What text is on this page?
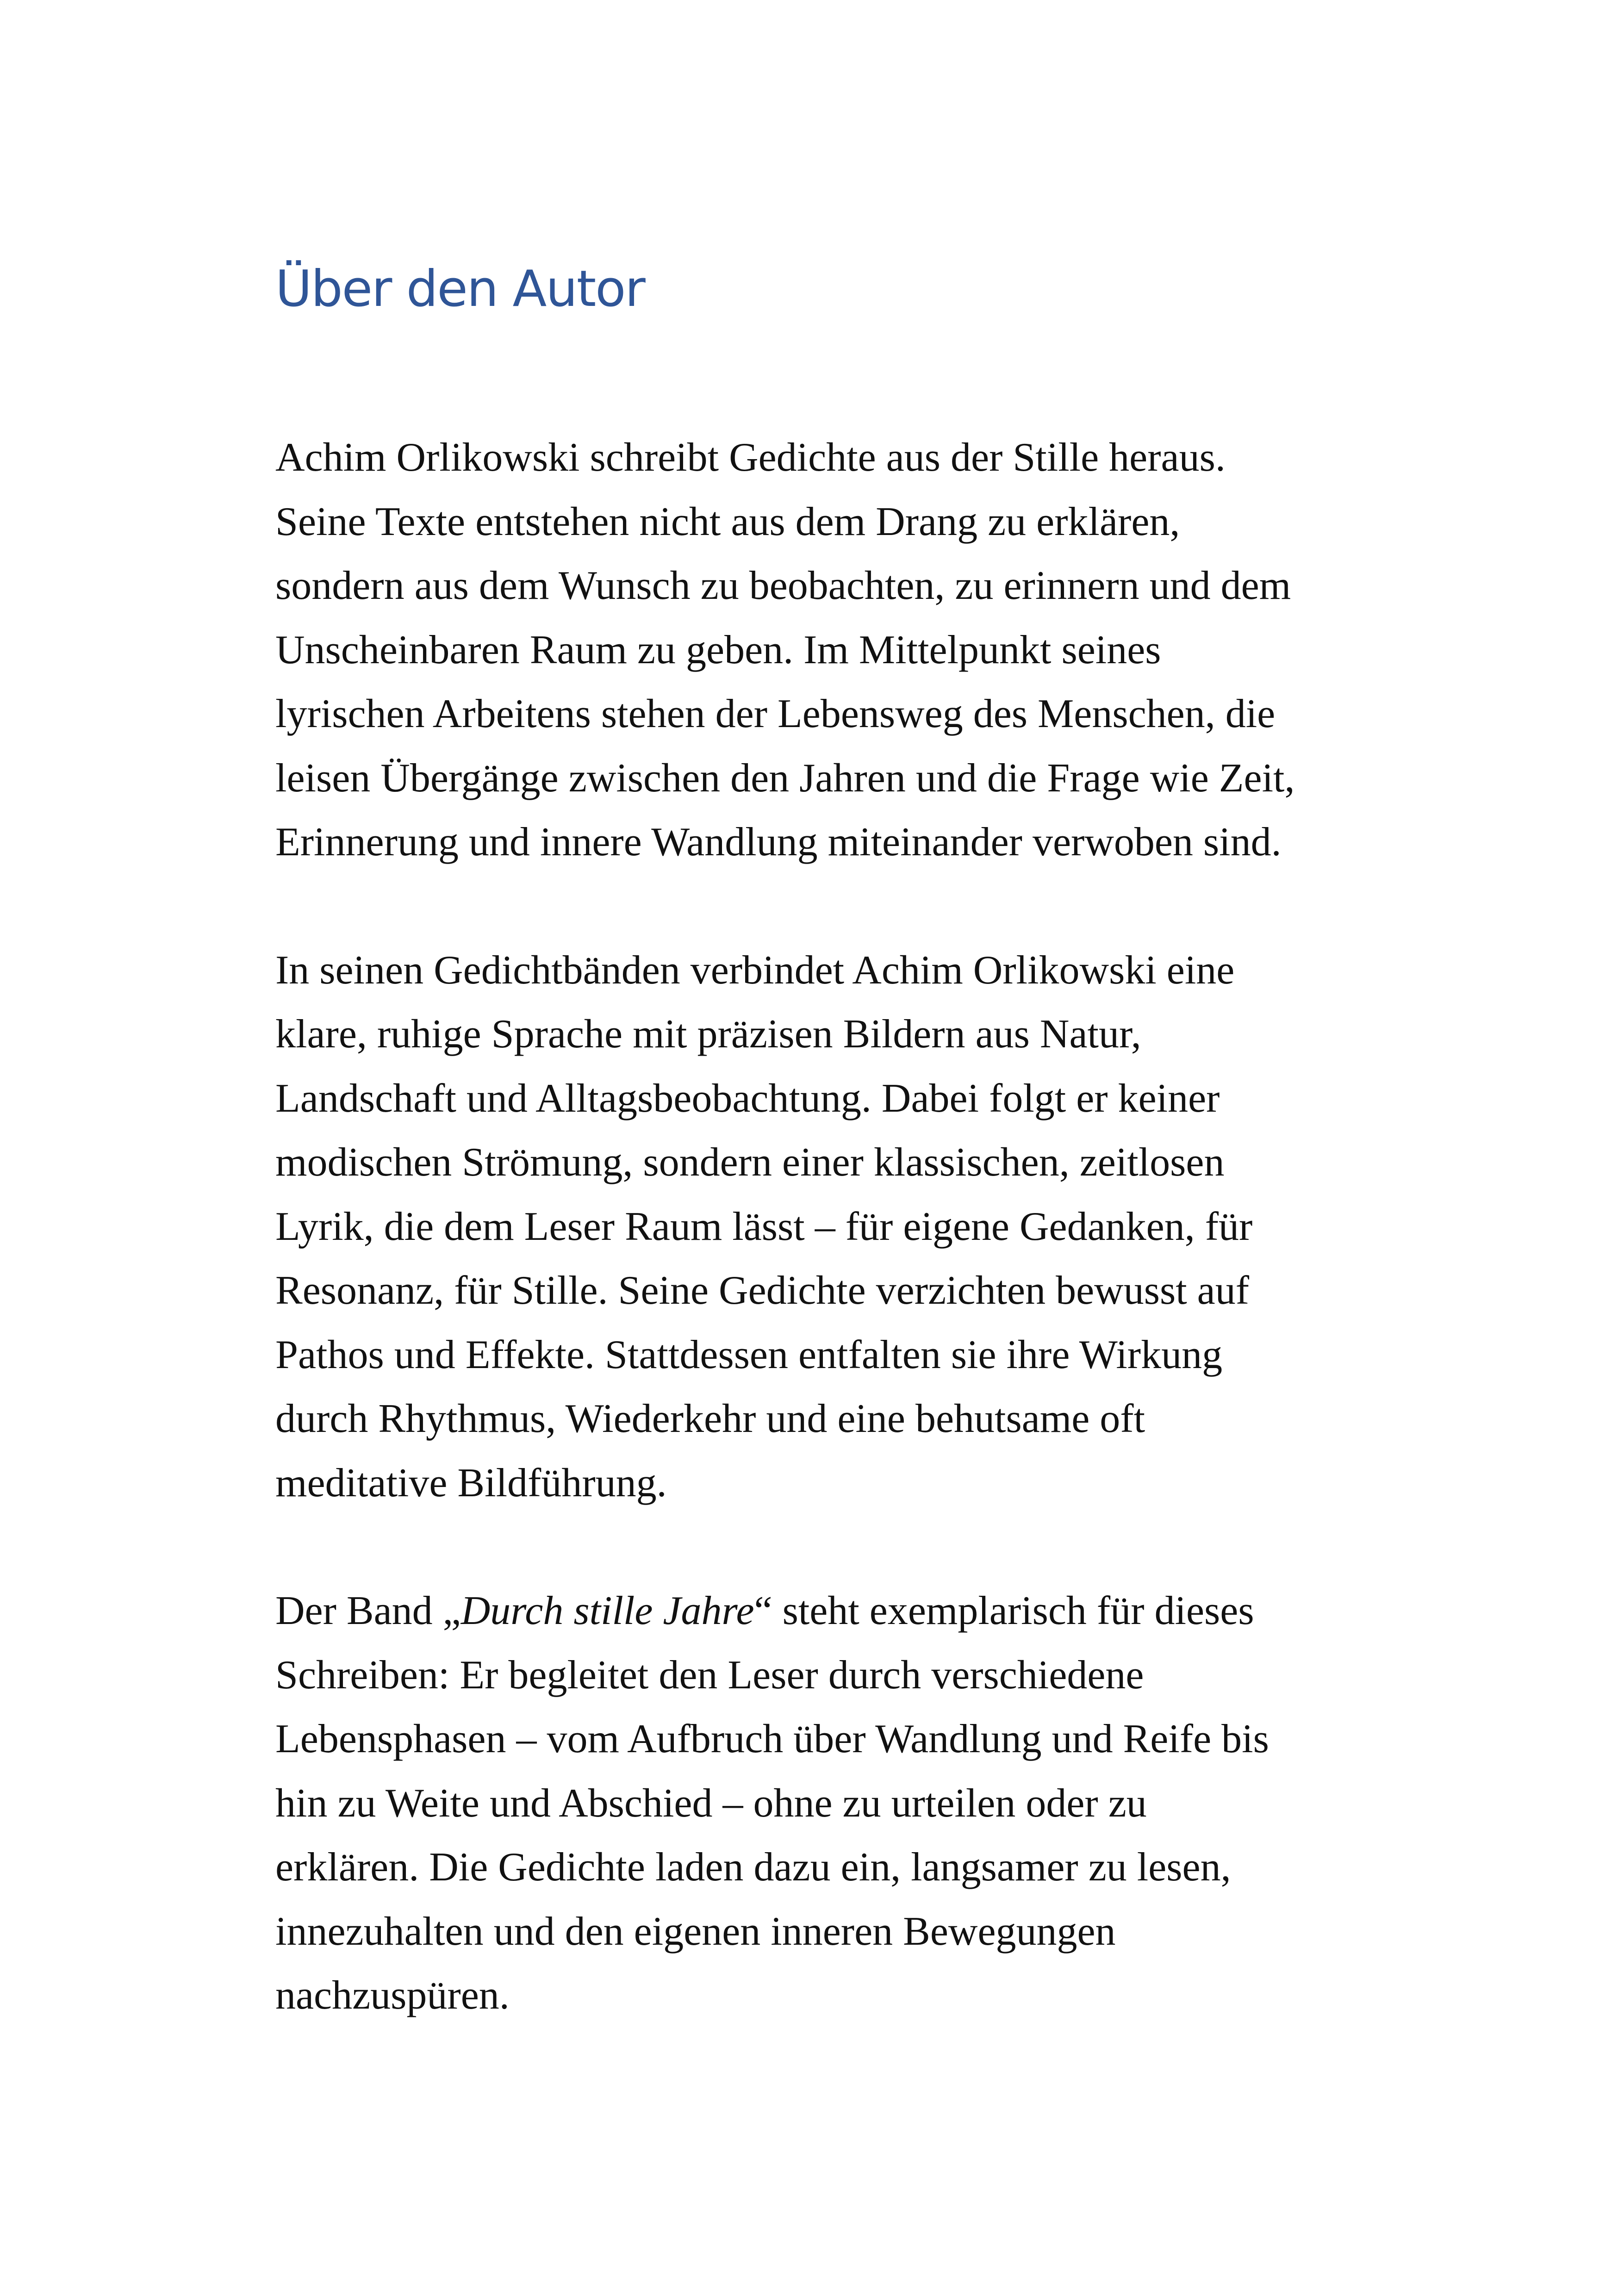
Über den Autor

Achim Orlikowski schreibt Gedichte aus der Stille heraus.
Seine Texte entstehen nicht aus dem Drang zu erklären,
sondern aus dem Wunsch zu beobachten, zu erinnern und dem
Unscheinbaren Raum zu geben. Im Mittelpunkt seines
lyrischen Arbeitens stehen der Lebensweg des Menschen, die
leisen Übergänge zwischen den Jahren und die Frage wie Zeit,
Erinnerung und innere Wandlung miteinander verwoben sind.

In seinen Gedichtbänden verbindet Achim Orlikowski eine
klare, ruhige Sprache mit präzisen Bildern aus Natur,
Landschaft und Alltagsbeobachtung. Dabei folgt er keiner
modischen Strömung, sondern einer klassischen, zeitlosen
Lyrik, die dem Leser Raum lässt – für eigene Gedanken, für
Resonanz, für Stille. Seine Gedichte verzichten bewusst auf
Pathos und Effekte. Stattdessen entfalten sie ihre Wirkung
durch Rhythmus, Wiederkehr und eine behutsame oft
meditative Bildführung.

Der Band „Durch stille Jahre“ steht exemplarisch für dieses
Schreiben: Er begleitet den Leser durch verschiedene
Lebensphasen – vom Aufbruch über Wandlung und Reife bis
hin zu Weite und Abschied – ohne zu urteilen oder zu
erklären. Die Gedichte laden dazu ein, langsamer zu lesen,
innezuhalten und den eigenen inneren Bewegungen
nachzuspüren.
